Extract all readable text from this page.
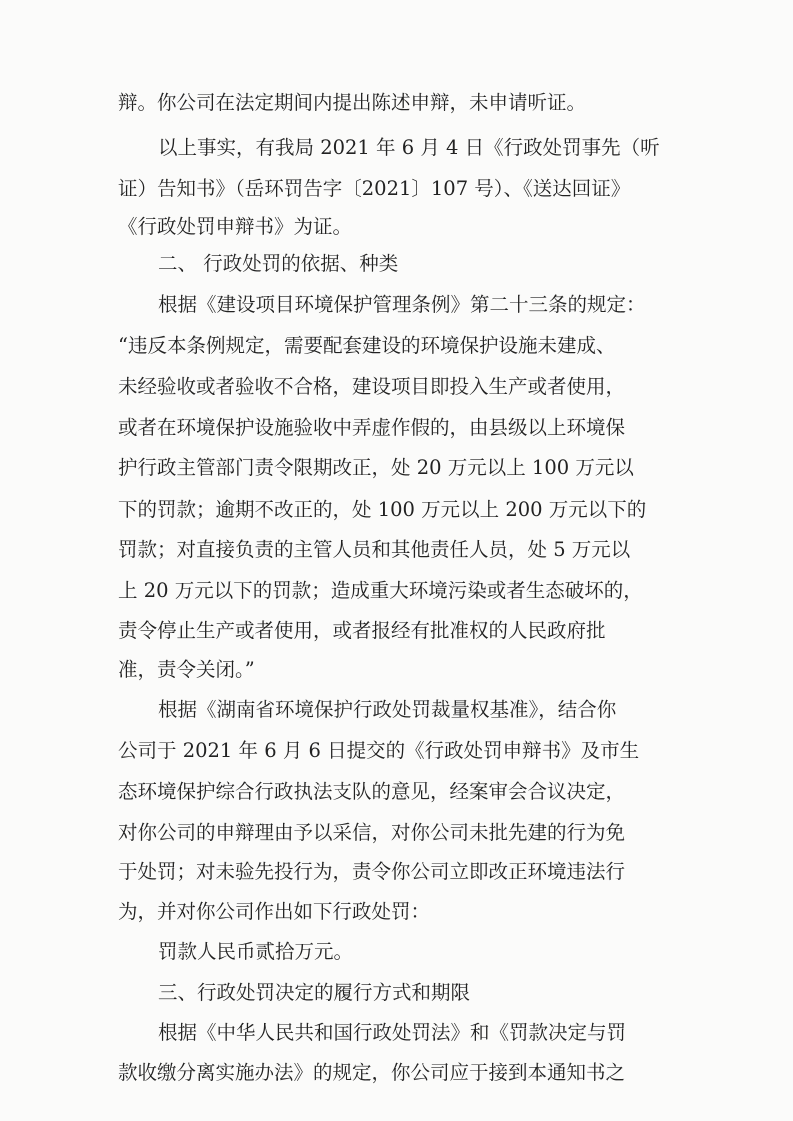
辩。你公司在法定期间内提出陈述申辩，未申请听证。
以上事实，有我局 2021 年 6 月 4 日《行政处罚事先（听
证）告知书》（岳环罚告字〔2021〕107 号）、《送达回证》
《行政处罚申辩书》为证。
二、 行政处罚的依据、种类
根据《建设项目环境保护管理条例》第二十三条的规定：
“违反本条例规定，需要配套建设的环境保护设施未建成、
未经验收或者验收不合格，建设项目即投入生产或者使用，
或者在环境保护设施验收中弄虚作假的，由县级以上环境保
护行政主管部门责令限期改正，处 20 万元以上 100 万元以
下的罚款；逾期不改正的，处 100 万元以上 200 万元以下的
罚款；对直接负责的主管人员和其他责任人员，处 5 万元以
上 20 万元以下的罚款；造成重大环境污染或者生态破坏的，
责令停止生产或者使用，或者报经有批准权的人民政府批
准，责令关闭。”
根据《湖南省环境保护行政处罚裁量权基准》，结合你
公司于 2021 年 6 月 6 日提交的《行政处罚申辩书》及市生
态环境保护综合行政执法支队的意见，经案审会合议决定，
对你公司的申辩理由予以采信，对你公司未批先建的行为免
于处罚；对未验先投行为，责令你公司立即改正环境违法行
为，并对你公司作出如下行政处罚：
罚款人民币贰拾万元。
三、行政处罚决定的履行方式和期限
根据《中华人民共和国行政处罚法》和《罚款决定与罚
款收缴分离实施办法》的规定，你公司应于接到本通知书之
